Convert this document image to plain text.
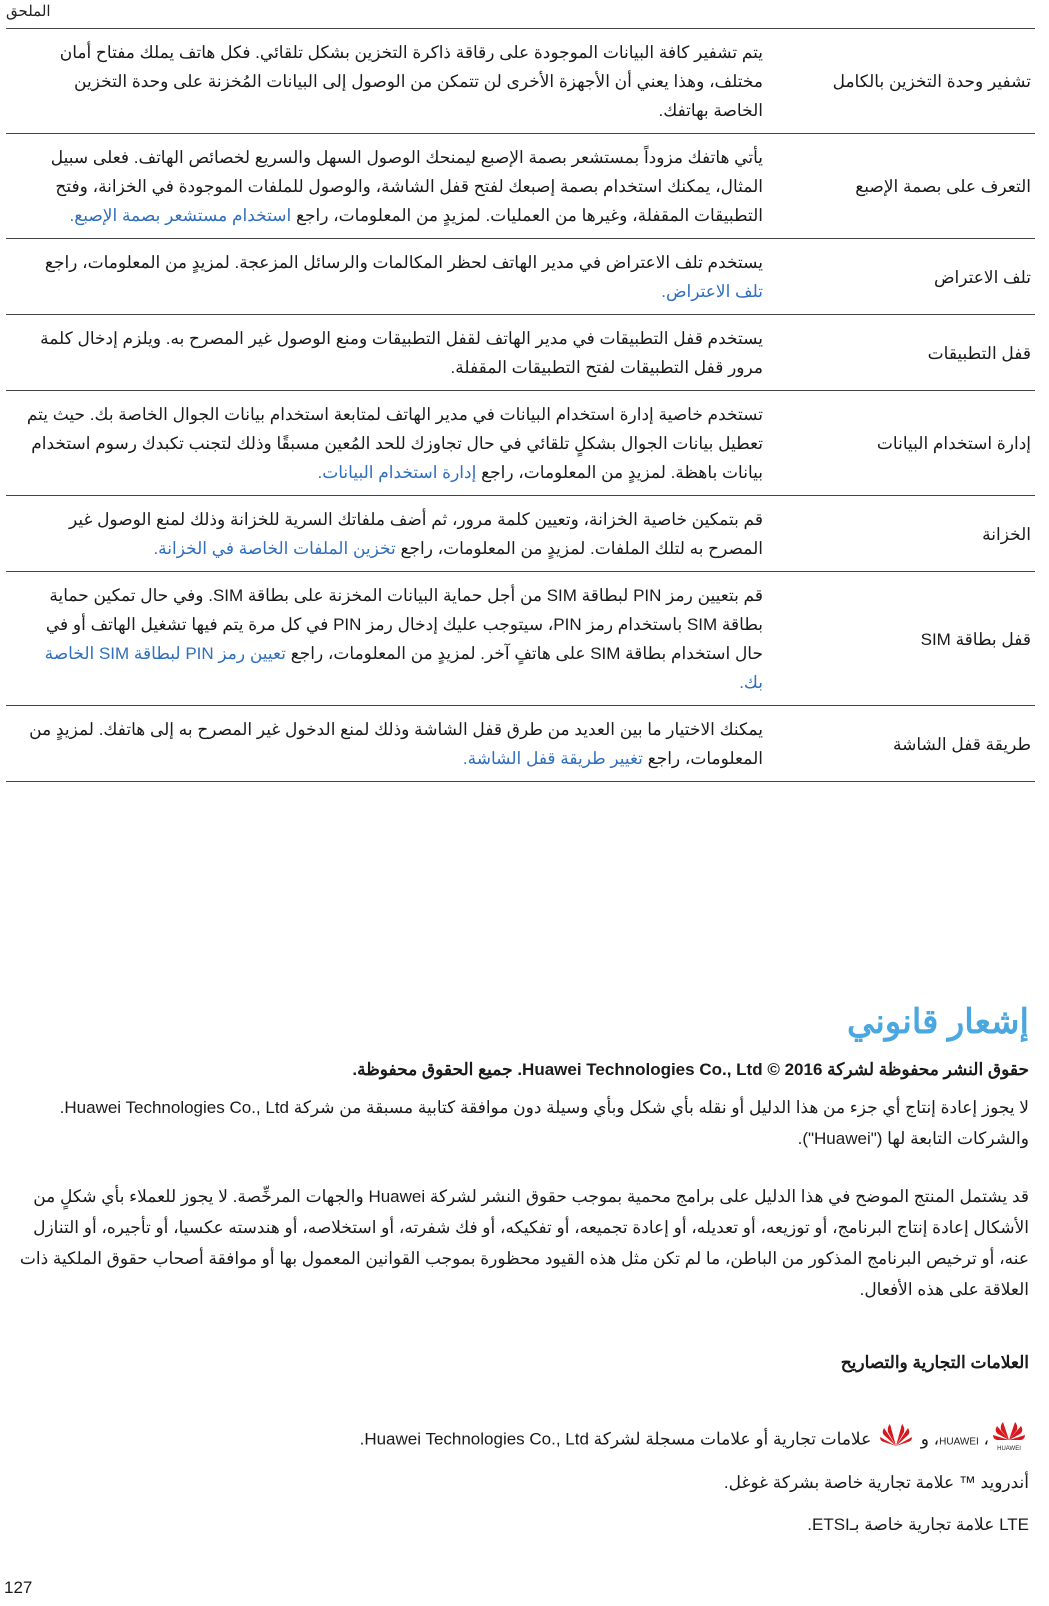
الملحق
تشفير وحدة التخزين بالكامل	يتم تشفير كافة البيانات الموجودة على رقاقة ذاكرة التخزين بشكل تلقائي. فكل هاتف يملك مفتاح أمان مختلف، وهذا يعني أن الأجهزة الأخرى لن تتمكن من الوصول إلى البيانات المُخزنة على وحدة التخزين الخاصة بهاتفك.
التعرف على بصمة الإصبع	يأتي هاتفك مزوداً بمستشعر بصمة الإصبع ليمنحك الوصول السهل والسريع لخصائص الهاتف. فعلى سبيل المثال، يمكنك استخدام بصمة إصبعك لفتح قفل الشاشة، والوصول للملفات الموجودة في الخزانة، وفتح التطبيقات المقفلة، وغيرها من العمليات. لمزيدٍ من المعلومات، راجع استخدام مستشعر بصمة الإصبع.
تلف الاعتراض	يستخدم تلف الاعتراض في مدير الهاتف لحظر المكالمات والرسائل المزعجة. لمزيدٍ من المعلومات، راجع تلف الاعتراض.
قفل التطبيقات	يستخدم قفل التطبيقات في مدير الهاتف لقفل التطبيقات ومنع الوصول غير المصرح به. ويلزم إدخال كلمة مرور قفل التطبيقات لفتح التطبيقات المقفلة.
إدارة استخدام البيانات	تستخدم خاصية إدارة استخدام البيانات في مدير الهاتف لمتابعة استخدام بيانات الجوال الخاصة بك. حيث يتم تعطيل بيانات الجوال بشكلٍ تلقائي في حال تجاوزك للحد المُعين مسبقًا وذلك لتجنب تكبدك رسوم استخدام بيانات باهظة. لمزيدٍ من المعلومات، راجع إدارة استخدام البيانات.
الخزانة	قم بتمكين خاصية الخزانة، وتعيين كلمة مرور، ثم أضف ملفاتك السرية للخزانة وذلك لمنع الوصول غير المصرح به لتلك الملفات. لمزيدٍ من المعلومات، راجع تخزين الملفات الخاصة في الخزانة.
قفل بطاقة SIM	قم بتعيين رمز PIN لبطاقة SIM من أجل حماية البيانات المخزنة على بطاقة SIM. وفي حال تمكين حماية بطاقة SIM باستخدام رمز PIN، سيتوجب عليك إدخال رمز PIN في كل مرة يتم فيها تشغيل الهاتف أو في حال استخدام بطاقة SIM على هاتفٍ آخر. لمزيدٍ من المعلومات، راجع تعيين رمز PIN لبطاقة SIM الخاصة بك.
طريقة قفل الشاشة	يمكنك الاختيار ما بين العديد من طرق قفل الشاشة وذلك لمنع الدخول غير المصرح به إلى هاتفك. لمزيدٍ من المعلومات، راجع تغيير طريقة قفل الشاشة.
إشعار قانوني

حقوق النشر محفوظة لشركة 2016 © Huawei Technologies Co., Ltd. جميع الحقوق محفوظة.

لا يجوز إعادة إنتاج أي جزء من هذا الدليل أو نقله بأي شكل وبأي وسيلة دون موافقة كتابية مسبقة من شركة Huawei Technologies Co., Ltd. والشركات التابعة لها ("Huawei").

قد يشتمل المنتج الموضح في هذا الدليل على برامج محمية بموجب حقوق النشر لشركة Huawei والجهات المرخِّصة. لا يجوز للعملاء بأي شكلٍ من الأشكال إعادة إنتاج البرنامج، أو توزيعه، أو تعديله، أو إعادة تجميعه، أو تفكيكه، أو فك شفرته، أو استخلاصه، أو هندسته عكسيا، أو تأجيره، أو التنازل عنه، أو ترخيص البرنامج المذكور من الباطن، ما لم تكن مثل هذه القيود محظورة بموجب القوانين المعمول بها أو موافقة أصحاب حقوق الملكية ذات العلاقة على هذه الأفعال.

العلامات التجارية والتصاريح

HUAWEI
، HUAWEI، و  علامات تجارية أو علامات مسجلة لشركة Huawei Technologies Co., Ltd.

أندرويد ™ علامة تجارية خاصة بشركة غوغل.

LTE علامة تجارية خاصة بـETSI.

127
